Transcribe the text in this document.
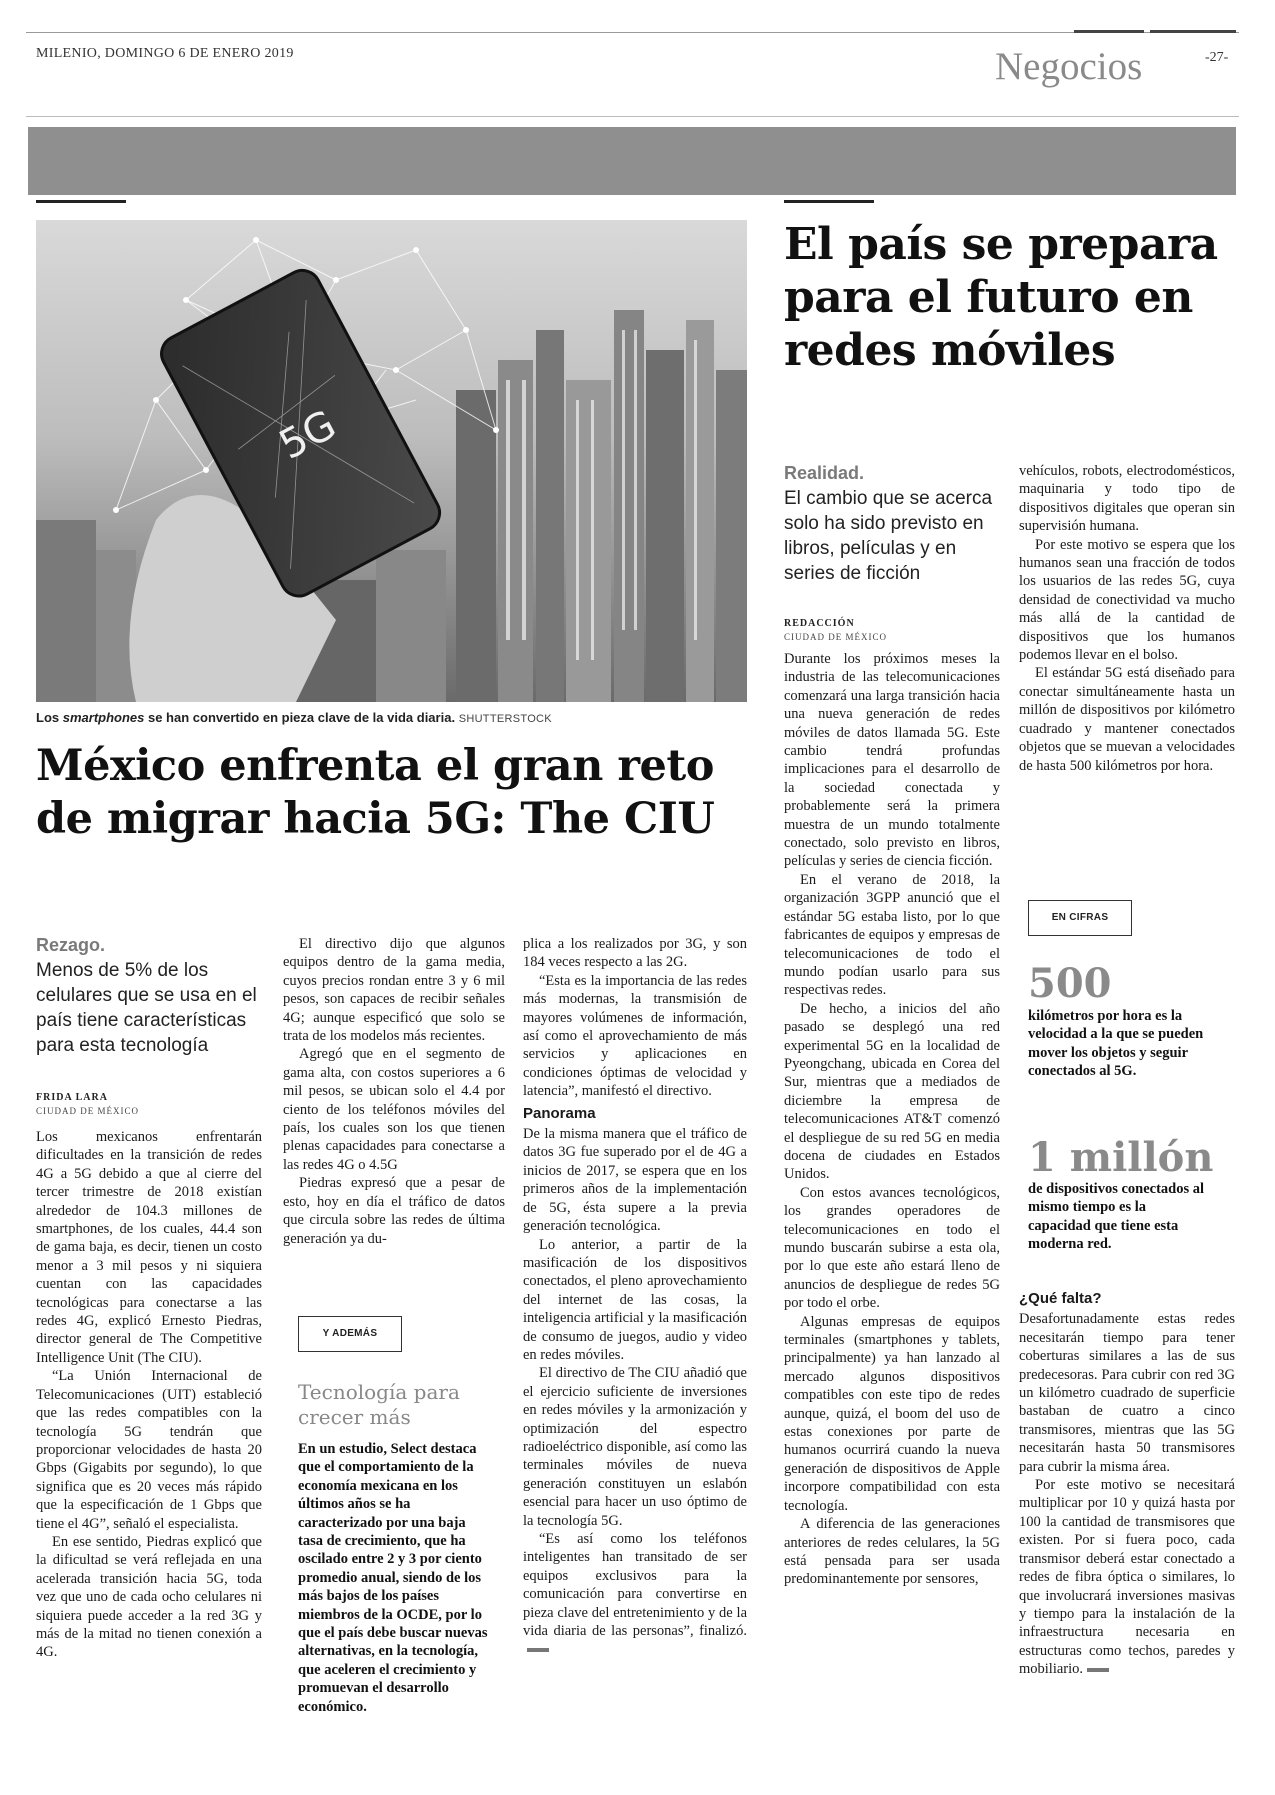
MILENIO, DOMINGO 6 DE ENERO 2019	Negocios	-27-
5G
Los smartphones se han convertido en pieza clave de la vida diaria. SHUTTERSTOCK
México enfrenta el gran reto de migrar hacia 5G: The CIU
Rezago.
Menos de 5% de los celulares que se usa en el país tiene características para esta tecnología
FRIDA LARA
CIUDAD DE MÉXICO

Los mexicanos enfrentarán dificultades en la transición de redes 4G a 5G debido a que al cierre del tercer trimestre de 2018 existían alrededor de 104.3 millones de smartphones, de los cuales, 44.4 son de gama baja, es decir, tienen un costo menor a 3 mil pesos y ni siquiera cuentan con las capacidades tecnológicas para conectarse a las redes 4G, explicó Ernesto Piedras, director general de The Competitive Intelligence Unit (The CIU).

“La Unión Internacional de Telecomunicaciones (UIT) estableció que las redes compatibles con la tecnología 5G tendrán que proporcionar velocidades de hasta 20 Gbps (Gigabits por segundo), lo que significa que es 20 veces más rápido que la especificación de 1 Gbps que tiene el 4G”, señaló el especialista.

En ese sentido, Piedras explicó que la dificultad se verá reflejada en una acelerada transición hacia 5G, toda vez que uno de cada ocho celulares ni siquiera puede acceder a la red 3G y más de la mitad no tienen conexión a 4G.

El directivo dijo que algunos equipos dentro de la gama media, cuyos precios rondan entre 3 y 6 mil pesos, son capaces de recibir señales 4G; aunque especificó que solo se trata de los modelos más recientes.

Agregó que en el segmento de gama alta, con costos superiores a 6 mil pesos, se ubican solo el 4.4 por ciento de los teléfonos móviles del país, los cuales son los que tienen plenas capacidades para conectarse a las redes 4G o 4.5G

Piedras expresó que a pesar de esto, hoy en día el tráfico de datos que circula sobre las redes de última generación ya du-

Y ADEMÁS
Tecnología para crecer más
En un estudio, Select destaca que el comportamiento de la economía mexicana en los últimos años se ha caracterizado por una baja tasa de crecimiento, que ha oscilado entre 2 y 3 por ciento promedio anual, siendo de los más bajos de los países miembros de la OCDE, por lo que el país debe buscar nuevas alternativas, en la tecnología, que aceleren el crecimiento y promuevan el desarrollo económico.

plica a los realizados por 3G, y son 184 veces respecto a las 2G.

“Esta es la importancia de las redes más modernas, la transmisión de mayores volúmenes de información, así como el aprovechamiento de más servicios y aplicaciones en condiciones óptimas de velocidad y latencia”, manifestó el directivo.

Panorama

De la misma manera que el tráfico de datos 3G fue superado por el de 4G a inicios de 2017, se espera que en los primeros años de la implementación de 5G, ésta supere a la previa generación tecnológica.

Lo anterior, a partir de la masificación de los dispositivos conectados, el pleno aprovechamiento del internet de las cosas, la inteligencia artificial y la masificación de consumo de juegos, audio y video en redes móviles.

El directivo de The CIU añadió que el ejercicio suficiente de inversiones en redes móviles y la armonización y optimización del espectro radioeléctrico disponible, así como las terminales móviles de nueva generación constituyen un eslabón esencial para hacer un uso óptimo de la tecnología 5G.

“Es así como los teléfonos inteligentes han transitado de ser equipos exclusivos para la comunicación para convertirse en pieza clave del entretenimiento y de la vida diaria de las personas”, finalizó.

El país se prepara para el futuro en redes móviles
Realidad.
El cambio que se acerca solo ha sido previsto en libros, películas y en series de ficción
REDACCIÓN
CIUDAD DE MÉXICO

Durante los próximos meses la industria de las telecomunicaciones comenzará una larga transición hacia una nueva generación de redes móviles de datos llamada 5G. Este cambio tendrá profundas implicaciones para el desarrollo de la sociedad conectada y probablemente será la primera muestra de un mundo totalmente conectado, solo previsto en libros, películas y series de ciencia ficción.

En el verano de 2018, la organización 3GPP anunció que el estándar 5G estaba listo, por lo que fabricantes de equipos y empresas de telecomunicaciones de todo el mundo podían usarlo para sus respectivas redes.

De hecho, a inicios del año pasado se desplegó una red experimental 5G en la localidad de Pyeongchang, ubicada en Corea del Sur, mientras que a mediados de diciembre la empresa de telecomunicaciones AT&T comenzó el despliegue de su red 5G en media docena de ciudades en Estados Unidos.

Con estos avances tecnológicos, los grandes operadores de telecomunicaciones en todo el mundo buscarán subirse a esta ola, por lo que este año estará lleno de anuncios de despliegue de redes 5G por todo el orbe.

Algunas empresas de equipos terminales (smartphones y tablets, principalmente) ya han lanzado al mercado algunos dispositivos compatibles con este tipo de redes aunque, quizá, el boom del uso de estas conexiones por parte de humanos ocurrirá cuando la nueva generación de dispositivos de Apple incorpore compatibilidad con esta tecnología.

A diferencia de las generaciones anteriores de redes celulares, la 5G está pensada para ser usada predominantemente por sensores,

vehículos, robots, electrodomésticos, maquinaria y todo tipo de dispositivos digitales que operan sin supervisión humana.

Por este motivo se espera que los humanos sean una fracción de todos los usuarios de las redes 5G, cuya densidad de conectividad va mucho más allá de la cantidad de dispositivos que los humanos podemos llevar en el bolso.

El estándar 5G está diseñado para conectar simultáneamente hasta un millón de dispositivos por kilómetro cuadrado y mantener conectados objetos que se muevan a velocidades de hasta 500 kilómetros por hora.

EN CIFRAS
500
kilómetros por hora es la velocidad a la que se pueden mover los objetos y seguir conectados al 5G.
1 millón
de dispositivos conectados al mismo tiempo es la capacidad que tiene esta moderna red.
¿Qué falta?

Desafortunadamente estas redes necesitarán tiempo para tener coberturas similares a las de sus predecesoras. Para cubrir con red 3G un kilómetro cuadrado de superficie bastaban de cuatro a cinco transmisores, mientras que las 5G necesitarán hasta 50 transmisores para cubrir la misma área.

Por este motivo se necesitará multiplicar por 10 y quizá hasta por 100 la cantidad de transmisores que existen. Por si fuera poco, cada transmisor deberá estar conectado a redes de fibra óptica o similares, lo que involucrará inversiones masivas y tiempo para la instalación de la infraestructura necesaria en estructuras como techos, paredes y mobiliario.
